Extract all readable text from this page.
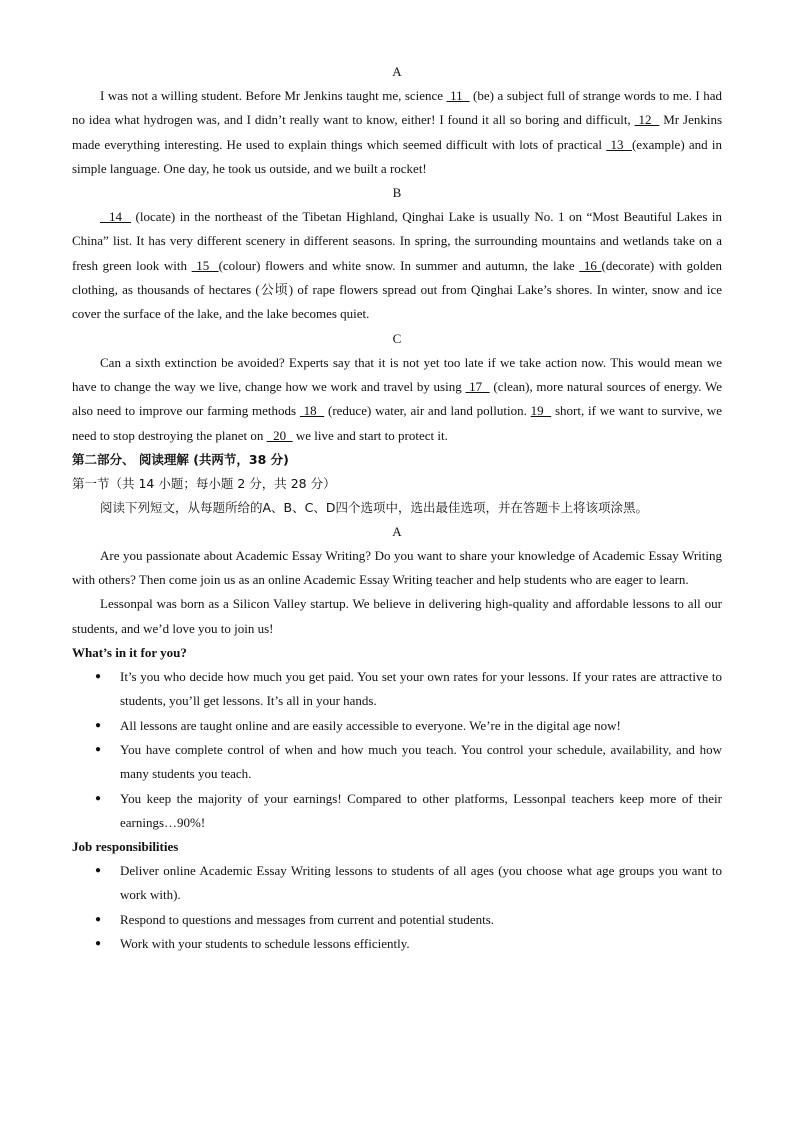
A

I was not a willing student. Before Mr Jenkins taught me, science  11   (be) a subject full of strange words to me. I had no idea what hydrogen was, and I didn’t really want to know, either! I found it all so boring and difficult,  12   Mr Jenkins made everything interesting. He used to explain things which seemed difficult with lots of practical  13  (example) and in simple language. One day, he took us outside, and we built a rocket!

B

14   (locate) in the northeast of the Tibetan Highland, Qinghai Lake is usually No. 1 on “Most Beautiful Lakes in China” list. It has very different scenery in different seasons. In spring, the surrounding mountains and wetlands take on a fresh green look with  15  (colour) flowers and white snow. In summer and autumn, the lake  16 (decorate) with golden clothing, as thousands of hectares (公顷) of rape flowers spread out from Qinghai Lake’s shores. In winter, snow and ice cover the surface of the lake, and the lake becomes quiet.

C

Can a sixth extinction be avoided? Experts say that it is not yet too late if we take action now. This would mean we have to change the way we live, change how we work and travel by using  17   (clean), more natural sources of energy. We also need to improve our farming methods  18   (reduce) water, air and land pollution. 19   short, if we want to survive, we need to stop destroying the planet on   20   we live and start to protect it.

第二部分、 阅读理解 (共两节，38 分)
第一节（共 14 小题；每小题 2 分，共 28 分）
阅读下列短文，从每题所给的A、B、C、D四个选项中，选出最佳选项，并在答题卡上将该项涂黑。
A

Are you passionate about Academic Essay Writing? Do you want to share your knowledge of Academic Essay Writing with others? Then come join us as an online Academic Essay Writing teacher and help students who are eager to learn.

Lessonpal was born as a Silicon Valley startup. We believe in delivering high-quality and affordable lessons to all our students, and we’d love you to join us!

What’s in it for you?
● It’s you who decide how much you get paid. You set your own rates for your lessons. If your rates are attractive to students, you’ll get lessons. It’s all in your hands.
● All lessons are taught online and are easily accessible to everyone. We’re in the digital age now!
● You have complete control of when and how much you teach. You control your schedule, availability, and how many students you teach.
● You keep the majority of your earnings! Compared to other platforms, Lessonpal teachers keep more of their earnings…90%!
Job responsibilities
● Deliver online Academic Essay Writing lessons to students of all ages (you choose what age groups you want to work with).
● Respond to questions and messages from current and potential students.
● Work with your students to schedule lessons efficiently.
